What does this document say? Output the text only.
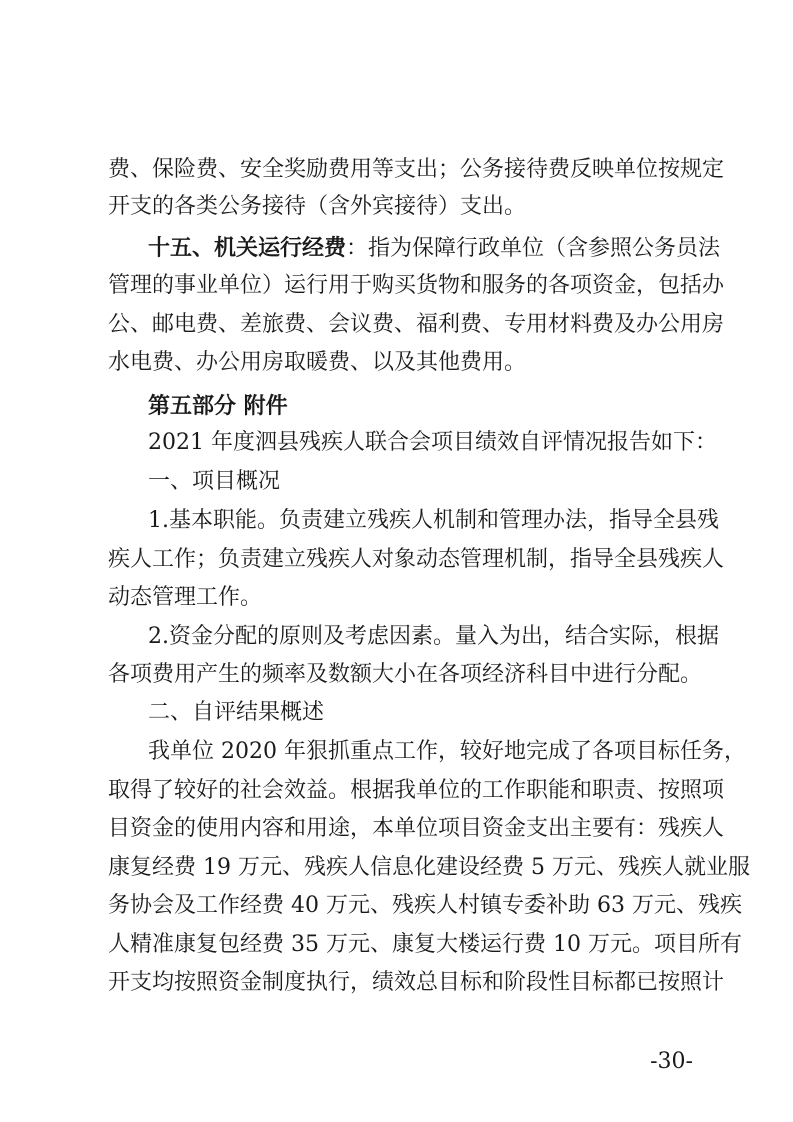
费、保险费、安全奖励费用等支出；公务接待费反映单位按规定
开支的各类公务接待（含外宾接待）支出。
十五、机关运行经费：指为保障行政单位（含参照公务员法
管理的事业单位）运行用于购买货物和服务的各项资金，包括办
公、邮电费、差旅费、会议费、福利费、专用材料费及办公用房
水电费、办公用房取暖费、以及其他费用。
第五部分 附件
2021 年度泗县残疾人联合会项目绩效自评情况报告如下：
一、项目概况
1.基本职能。负责建立残疾人机制和管理办法，指导全县残
疾人工作；负责建立残疾人对象动态管理机制，指导全县残疾人
动态管理工作。
2.资金分配的原则及考虑因素。量入为出，结合实际，根据
各项费用产生的频率及数额大小在各项经济科目中进行分配。
二、自评结果概述
我单位 2020 年狠抓重点工作，较好地完成了各项目标任务，
取得了较好的社会效益。根据我单位的工作职能和职责、按照项
目资金的使用内容和用途，本单位项目资金支出主要有：残疾人
康复经费 19 万元、残疾人信息化建设经费 5 万元、残疾人就业服
务协会及工作经费 40 万元、残疾人村镇专委补助 63 万元、残疾
人精准康复包经费 35 万元、康复大楼运行费 10 万元。项目所有
开支均按照资金制度执行，绩效总目标和阶段性目标都已按照计
-30-
